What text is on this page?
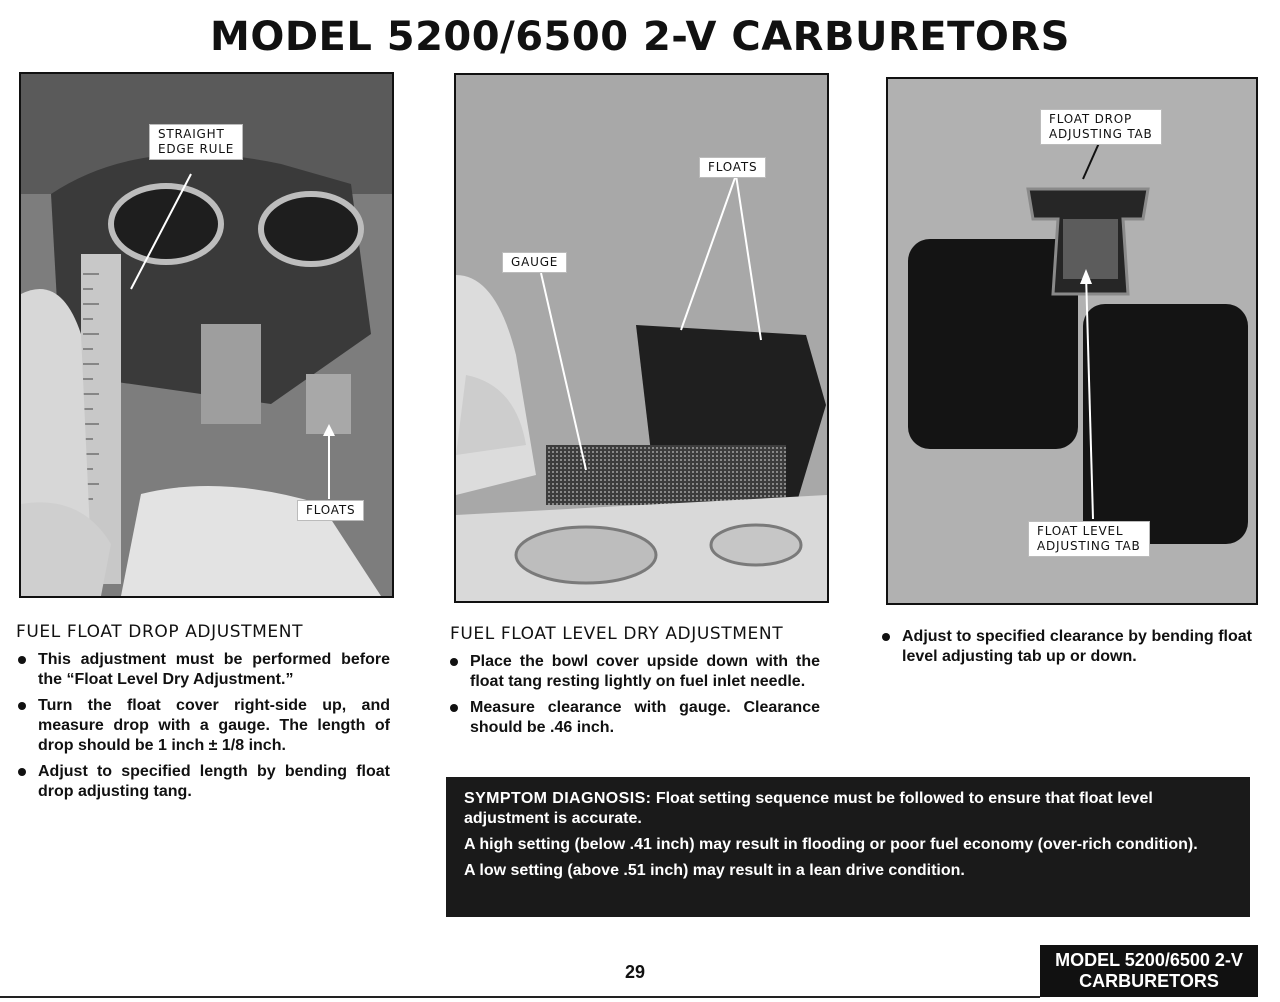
MODEL 5200/6500 2-V CARBURETORS
STRAIGHT
EDGE RULE
FLOATS
FLOATS
GAUGE
FLOAT DROP
ADJUSTING TAB
FLOAT LEVEL
ADJUSTING TAB
FUEL FLOAT DROP ADJUSTMENT
This adjustment must be performed before the “Float Level Dry Adjustment.”
Turn the float cover right-side up, and measure drop with a gauge. The length of drop should be 1 inch ± 1/8 inch.
Adjust to specified length by bending float drop adjusting tang.
FUEL FLOAT LEVEL DRY ADJUSTMENT
Place the bowl cover upside down with the float tang resting lightly on fuel inlet needle.
Measure clearance with gauge. Clearance should be .46 inch.
Adjust to specified clearance by bending float level adjusting tab up or down.

SYMPTOM DIAGNOSIS: Float setting sequence must be followed to ensure that float level adjustment is accurate.

A high setting (below .41 inch) may result in flooding or poor fuel economy (over-rich condition).

A low setting (above .51 inch) may result in a lean drive condition.

29
MODEL 5200/6500 2-V
CARBURETORS
